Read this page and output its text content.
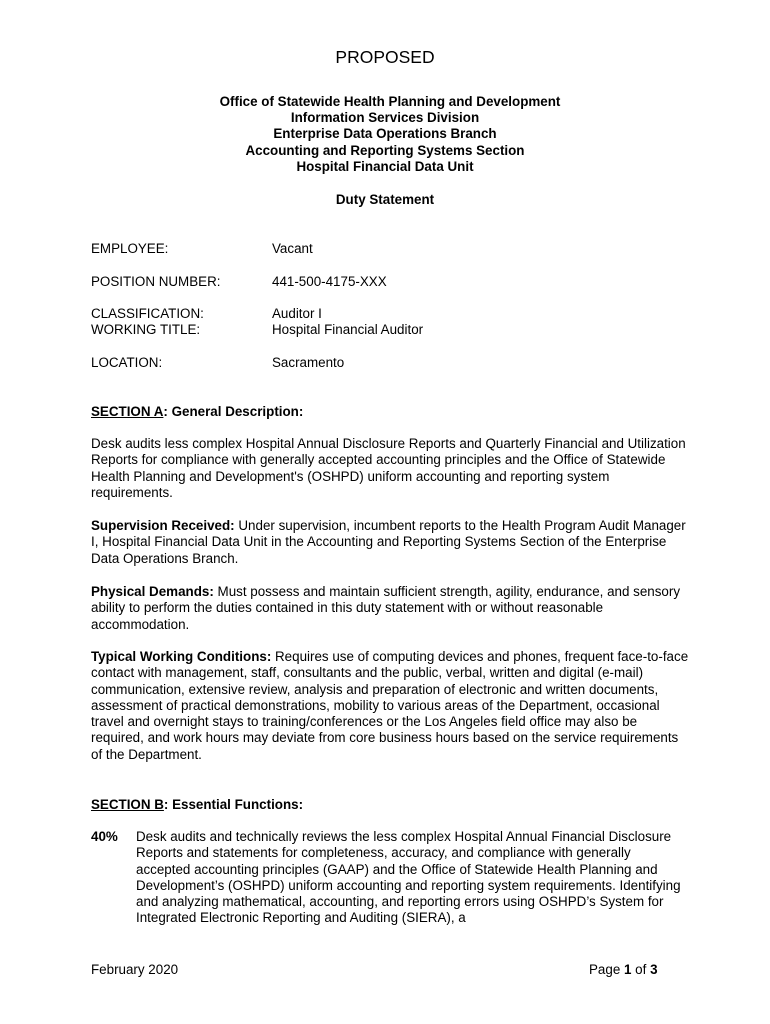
PROPOSED
Office of Statewide Health Planning and Development
Information Services Division
Enterprise Data Operations Branch
Accounting and Reporting Systems Section
Hospital Financial Data Unit
Duty Statement
EMPLOYEE:	Vacant
POSITION NUMBER:	441-500-4175-XXX
CLASSIFICATION:	Auditor I
WORKING TITLE:	Hospital Financial Auditor
LOCATION:	Sacramento
SECTION A: General Description:
Desk audits less complex Hospital Annual Disclosure Reports and Quarterly Financial and Utilization Reports for compliance with generally accepted accounting principles and the Office of Statewide Health Planning and Development's (OSHPD) uniform accounting and reporting system requirements.
Supervision Received: Under supervision, incumbent reports to the Health Program Audit Manager I, Hospital Financial Data Unit in the Accounting and Reporting Systems Section of the Enterprise Data Operations Branch.
Physical Demands: Must possess and maintain sufficient strength, agility, endurance, and sensory ability to perform the duties contained in this duty statement with or without reasonable accommodation.
Typical Working Conditions: Requires use of computing devices and phones, frequent face-to-face contact with management, staff, consultants and the public, verbal, written and digital (e-mail) communication, extensive review, analysis and preparation of electronic and written documents, assessment of practical demonstrations, mobility to various areas of the Department, occasional travel and overnight stays to training/conferences or the Los Angeles field office may also be required, and work hours may deviate from core business hours based on the service requirements of the Department.
SECTION B: Essential Functions:
40% Desk audits and technically reviews the less complex Hospital Annual Financial Disclosure Reports and statements for completeness, accuracy, and compliance with generally accepted accounting principles (GAAP) and the Office of Statewide Health Planning and Development’s (OSHPD) uniform accounting and reporting system requirements. Identifying and analyzing mathematical, accounting, and reporting errors using OSHPD’s System for Integrated Electronic Reporting and Auditing (SIERA), a
February 2020	Page 1 of 3
